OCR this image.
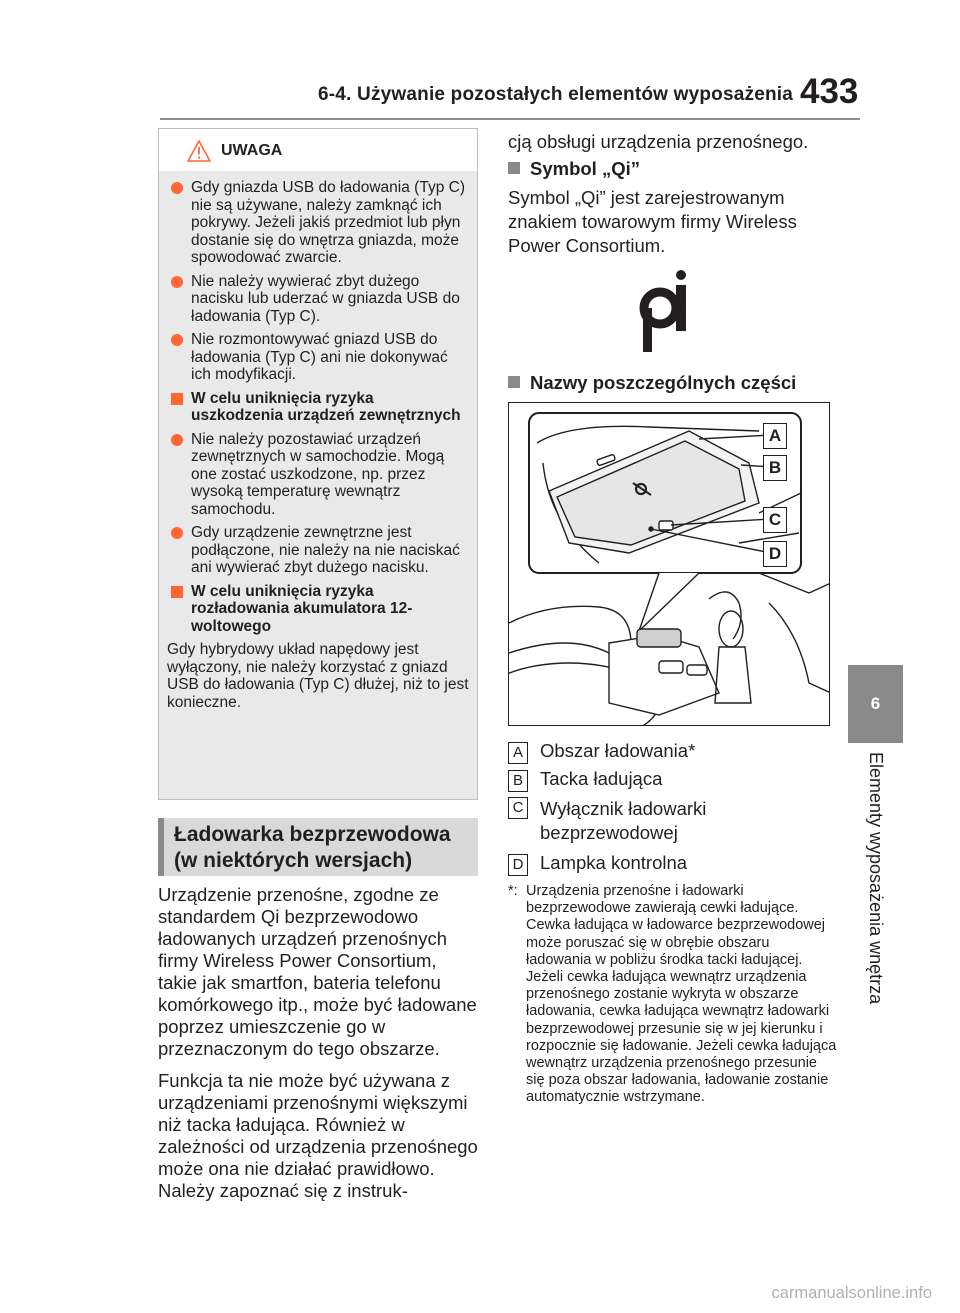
6-4. Używanie pozostałych elementów wyposażenia 433
6
Elementy wyposażenia wnętrza
UWAGA
Gdy gniazda USB do ładowania (Typ C) nie są używane, należy zamknąć ich pokrywy. Jeżeli jakiś przedmiot lub płyn dostanie się do wnętrza gniazda, może spowodować zwarcie.
Nie należy wywierać zbyt dużego nacisku lub uderzać w gniazda USB do ładowania (Typ C).
Nie rozmontowywać gniazd USB do ładowania (Typ C) ani nie dokonywać ich modyfikacji.
W celu uniknięcia ryzyka uszkodzenia urządzeń zewnętrznych
Nie należy pozostawiać urządzeń zewnętrznych w samochodzie. Mogą one zostać uszkodzone, np. przez wysoką temperaturę wewnątrz samochodu.
Gdy urządzenie zewnętrzne jest podłączone, nie należy na nie naciskać ani wywierać zbyt dużego nacisku.
W celu uniknięcia ryzyka rozładowania akumulatora 12-woltowego
Gdy hybrydowy układ napędowy jest wyłączony, nie należy korzystać z gniazd USB do ładowania (Typ C) dłużej, niż to jest konieczne.
Ładowarka bezprzewodowa
(w niektórych wersjach)
Urządzenie przenośne, zgodne ze standardem Qi bezprzewodowo ładowanych urządzeń przenośnych firmy Wireless Power Consortium, takie jak smartfon, bateria telefonu komórkowego itp., może być ładowane poprzez umieszczenie go w przeznaczonym do tego obszarze.
Funkcja ta nie może być używana z urządzeniami przenośnymi większymi niż tacka ładująca. Również w zależności od urządzenia przenośnego może ona nie działać prawidłowo. Należy zapoznać się z instruk-
cją obsługi urządzenia przenośnego.
Symbol „Qi”
Symbol „Qi” jest zarejestrowanym znakiem towarowym firmy Wireless Power Consortium.
Nazwy poszczególnych części
A
B
C
D
A Obszar ładowania*
B Tacka ładująca
C Wyłącznik ładowarki bezprzewodowej
D Lampka kontrolna
*: Urządzenia przenośne i ładowarki bezprzewodowe zawierają cewki ładujące. Cewka ładująca w ładowarce bezprzewodowej może poruszać się w obrębie obszaru ładowania w pobliżu środka tacki ładującej. Jeżeli cewka ładująca wewnątrz urządzenia przenośnego zostanie wykryta w obszarze ładowania, cewka ładująca wewnątrz ładowarki bezprzewodowej przesunie się w jej kierunku i rozpocznie się ładowanie. Jeżeli cewka ładująca wewnątrz urządzenia przenośnego przesunie się poza obszar ładowania, ładowanie zostanie automatycznie wstrzymane.
carmanualsonline.info
